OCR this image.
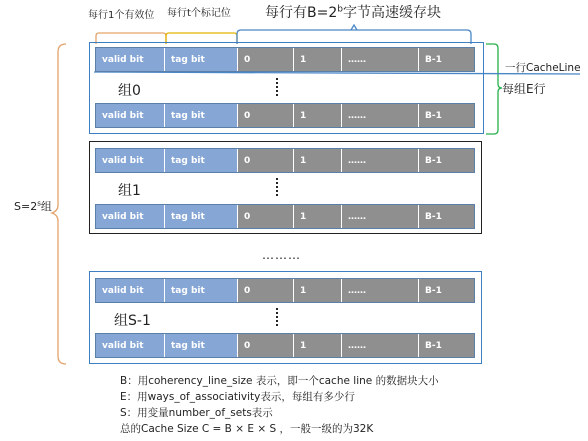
每行1个有效位 每行t个标记位 每行有$B=2^b$字节高速缓存块
valid bit	tag bit	0	1	……	B-1
组0
valid bit	tag bit	0	1	……	B-1
valid bit	tag bit	0	1	……	B-1
组1
valid bit	tag bit	0	1	……	B-1
………
valid bit	tag bit	0	1	……	B-1
组S-1
valid bit	tag bit	0	1	……	B-1
$S=2^s$组
一行CacheLine
每组E行
B：用coherency_line_size 表示，即一个cache line 的数据块大小
E：用ways_of_associativity表示，每组有多少行
S：用变量number_of_sets表示
总的Cache Size C = B × E × S ，一般一级的为32K
